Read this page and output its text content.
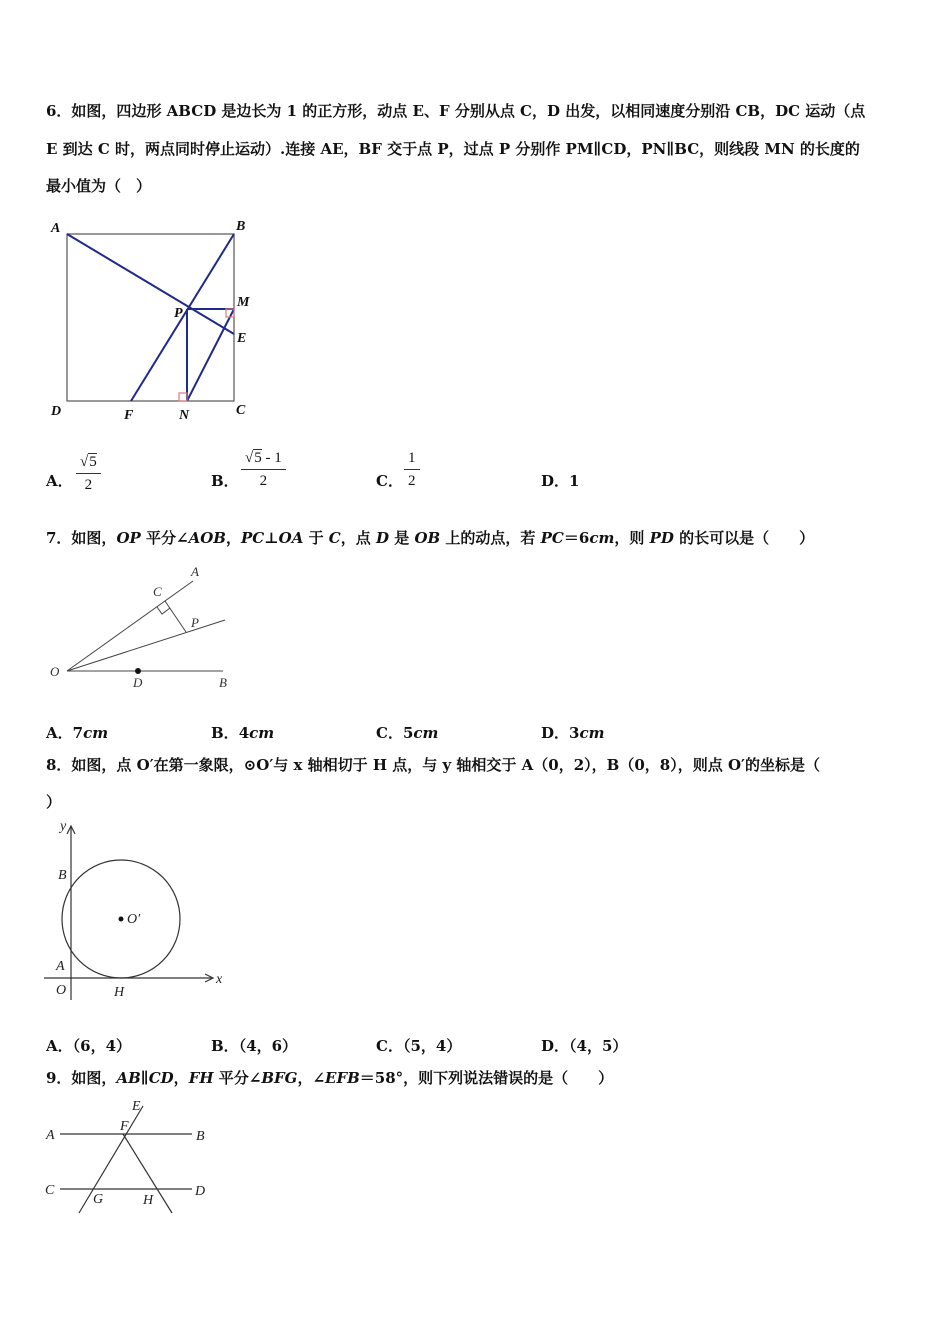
6．如图，四边形 ABCD 是边长为 1 的正方形，动点 E、F 分别从点 C，D 出发，以相同速度分别沿 CB，DC 运动（点
E 到达 C 时，两点同时停止运动）.连接 AE，BF 交于点 P，过点 P 分别作 PM∥CD，PN∥BC，则线段 MN 的长度的
最小值为（　）
A	B
P
M
E
D	F	N	C
A． $\frac{√5}{2}$	B． $\frac{√5 - 1}{2}$	C． $\frac{1}{2}$	D．1
7．如图，OP 平分∠AOB，PC⊥OA 于 C，点 D 是 OB 上的动点，若 PC＝6cm，则 PD 的长可以是（　　）
A
C
P
O
D	B
A．7cm	B．4cm	C．5cm	D．3cm
8．如图，点 O′在第一象限，⊙O′与 x 轴相切于 H 点，与 y 轴相交于 A（0，2），B（0，8），则点 O′的坐标是（
）
y
x
B
O′
A
O	H
A．（6，4）	B．（4，6）	C．（5，4）	D．（4，5）
9．如图，AB∥CD，FH 平分∠BFG，∠EFB＝58°，则下列说法错误的是（　　）
E
F
A	B
C
G	H
D
